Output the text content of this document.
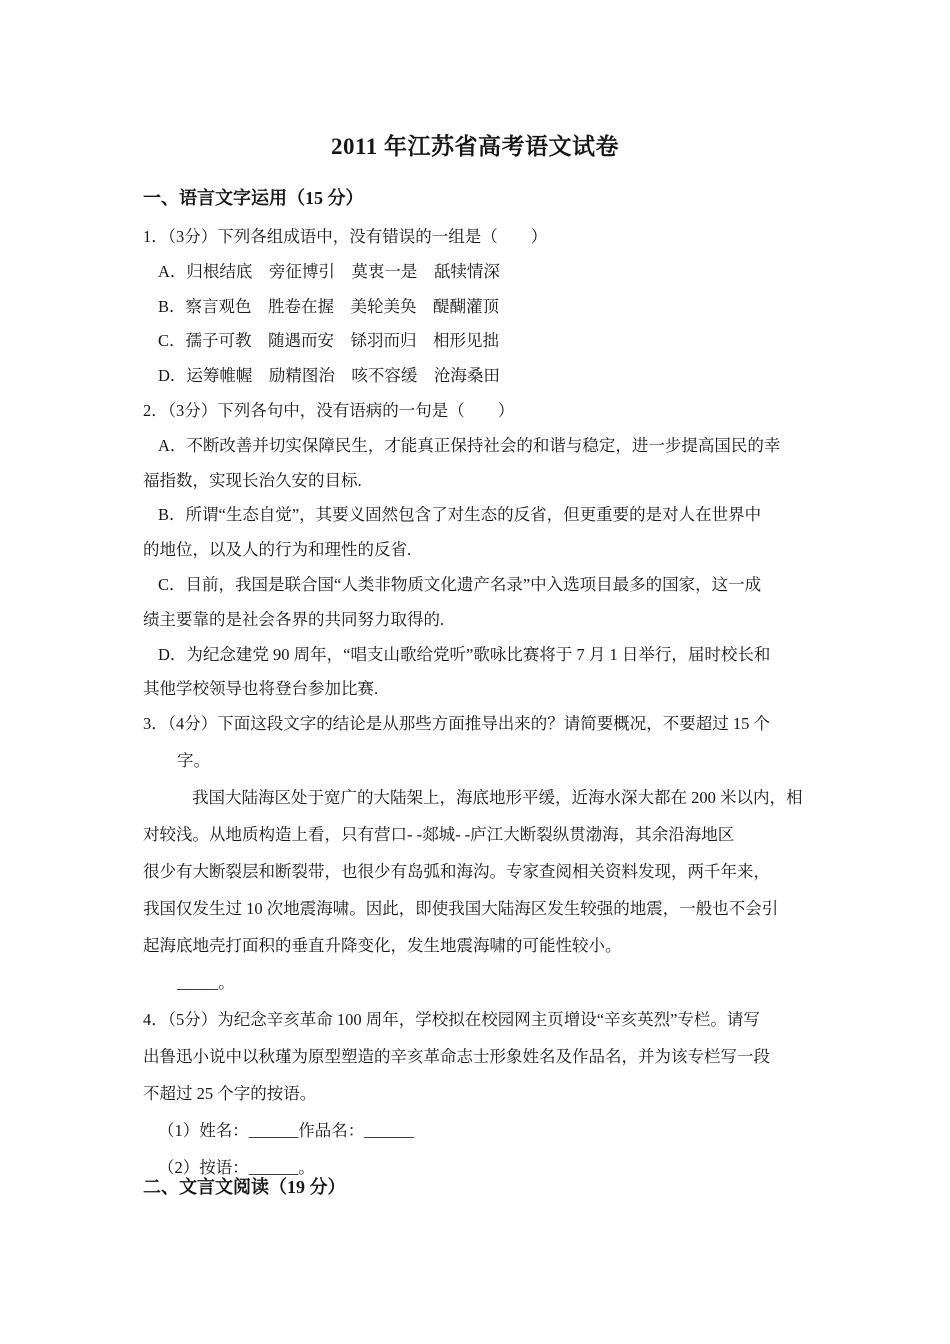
2011 年江苏省高考语文试卷
一、语言文字运用（15 分）
1．（3分）下列各组成语中，没有错误的一组是（　　）
A．归根结底　旁征博引　莫衷一是　舐犊情深
B．察言观色　胜卷在握　美轮美奂　醍醐灌顶
C．孺子可教　随遇而安　铩羽而归　相形见拙
D．运筹帷幄　励精图治　咳不容缓　沧海桑田
2．（3分）下列各句中，没有语病的一句是（　　）
A．不断改善并切实保障民生，才能真正保持社会的和谐与稳定，进一步提高国民的幸
福指数，实现长治久安的目标.
B．所谓“生态自觉”，其要义固然包含了对生态的反省，但更重要的是对人在世界中
的地位，以及人的行为和理性的反省.
C．目前，我国是联合国“人类非物质文化遗产名录”中入选项目最多的国家，这一成
绩主要靠的是社会各界的共同努力取得的.
D．为纪念建党 90 周年，“唱支山歌给党听”歌咏比赛将于 7 月 1 日举行，届时校长和
其他学校领导也将登台参加比赛.
3．（4分）下面这段文字的结论是从那些方面推导出来的？请简要概况，不要超过 15 个
字。
我国大陆海区处于宽广的大陆架上，海底地形平缓，近海水深大都在 200 米以内，相
对较浅。从地质构造上看，只有营口- -郯城- -庐江大断裂纵贯渤海，其余沿海地区
很少有大断裂层和断裂带，也很少有岛弧和海沟。专家查阅相关资料发现，两千年来，
我国仅发生过 10 次地震海啸。因此，即使我国大陆海区发生较强的地震，一般也不会引
起海底地壳打面积的垂直升降变化，发生地震海啸的可能性较小。
_____。
4．（5分）为纪念辛亥革命 100 周年，学校拟在校园网主页增设“辛亥英烈”专栏。请写
出鲁迅小说中以秋瑾为原型塑造的辛亥革命志士形象姓名及作品名，并为该专栏写一段
不超过 25 个字的按语。
（1）姓名：______作品名：______
（2）按语：______。
二、文言文阅读（19 分）
